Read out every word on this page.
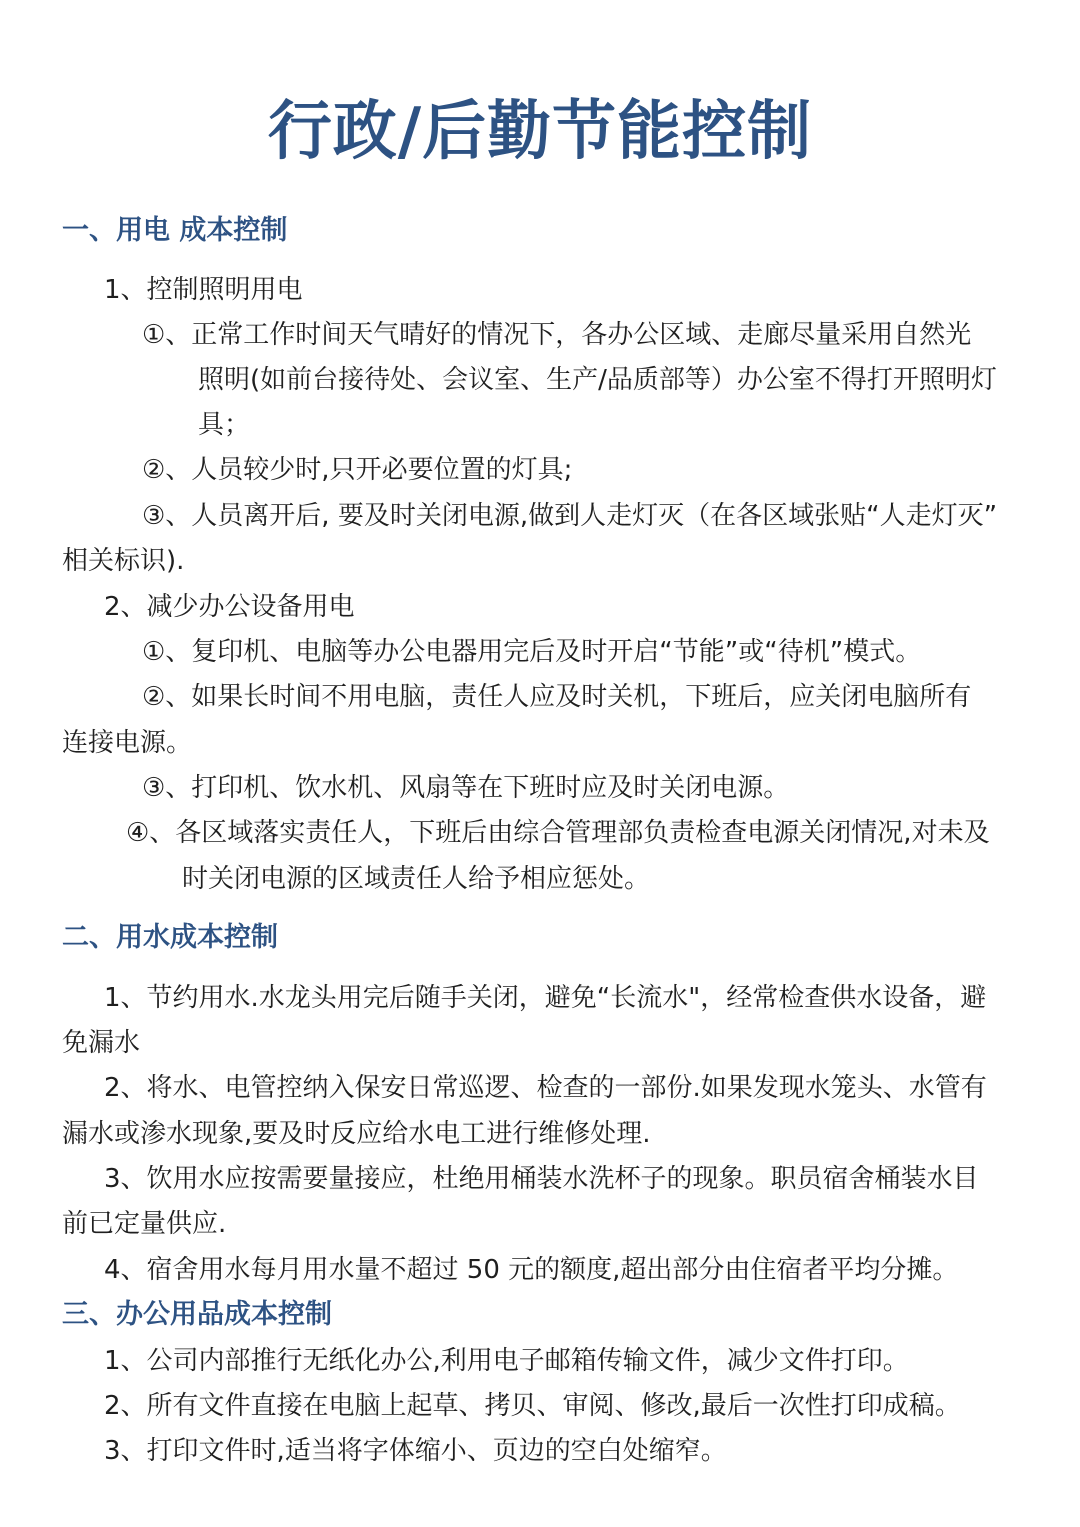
行政/后勤节能控制
一、用电 成本控制
1、控制照明用电
①、正常工作时间天气晴好的情况下，各办公区域、走廊尽量采用自然光
照明(如前台接待处、会议室、生产/品质部等）办公室不得打开照明灯
具；
②、人员较少时,只开必要位置的灯具;
③、人员离开后, 要及时关闭电源,做到人走灯灭（在各区域张贴“人走灯灭”
相关标识).
2、减少办公设备用电
①、复印机、电脑等办公电器用完后及时开启“节能”或“待机”模式。
②、如果长时间不用电脑，责任人应及时关机，下班后，应关闭电脑所有
连接电源。
③、打印机、饮水机、风扇等在下班时应及时关闭电源。
④、各区域落实责任人，下班后由综合管理部负责检查电源关闭情况,对未及
时关闭电源的区域责任人给予相应惩处。
二、用水成本控制
1、节约用水.水龙头用完后随手关闭，避免“长流水"，经常检查供水设备，避
免漏水
2、将水、电管控纳入保安日常巡逻、检查的一部份.如果发现水笼头、水管有
漏水或渗水现象,要及时反应给水电工进行维修处理.
3、饮用水应按需要量接应，杜绝用桶装水洗杯子的现象。职员宿舍桶装水目
前已定量供应.
4、宿舍用水每月用水量不超过 50 元的额度,超出部分由住宿者平均分摊。
三、办公用品成本控制
1、公司内部推行无纸化办公,利用电子邮箱传输文件，减少文件打印。
2、所有文件直接在电脑上起草、拷贝、审阅、修改,最后一次性打印成稿。
3、打印文件时,适当将字体缩小、页边的空白处缩窄。
